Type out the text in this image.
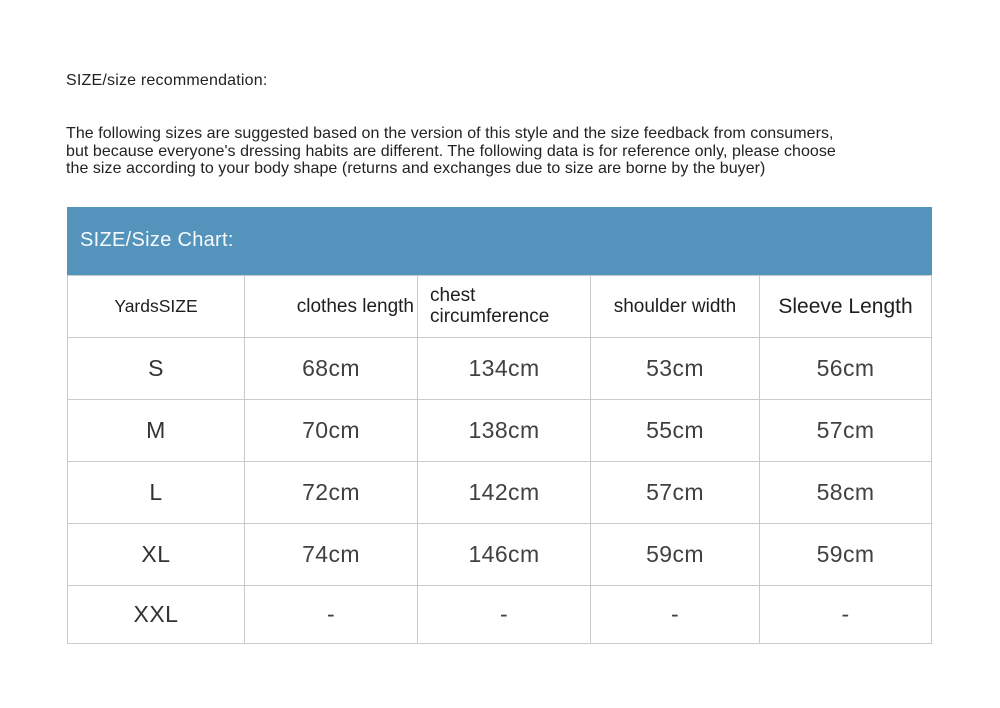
SIZE/size recommendation:
The following sizes are suggested based on the version of this style and the size feedback from consumers,
but because everyone's dressing habits are different. The following data is for reference only, please choose
the size according to your body shape (returns and exchanges due to size are borne by the buyer)
SIZE/Size Chart:
YardsSIZE	clothes length	chest circumference	shoulder width	Sleeve Length
S	68cm	134cm	53cm	56cm
M	70cm	138cm	55cm	57cm
L	72cm	142cm	57cm	58cm
XL	74cm	146cm	59cm	59cm
XXL	-	-	-	-
